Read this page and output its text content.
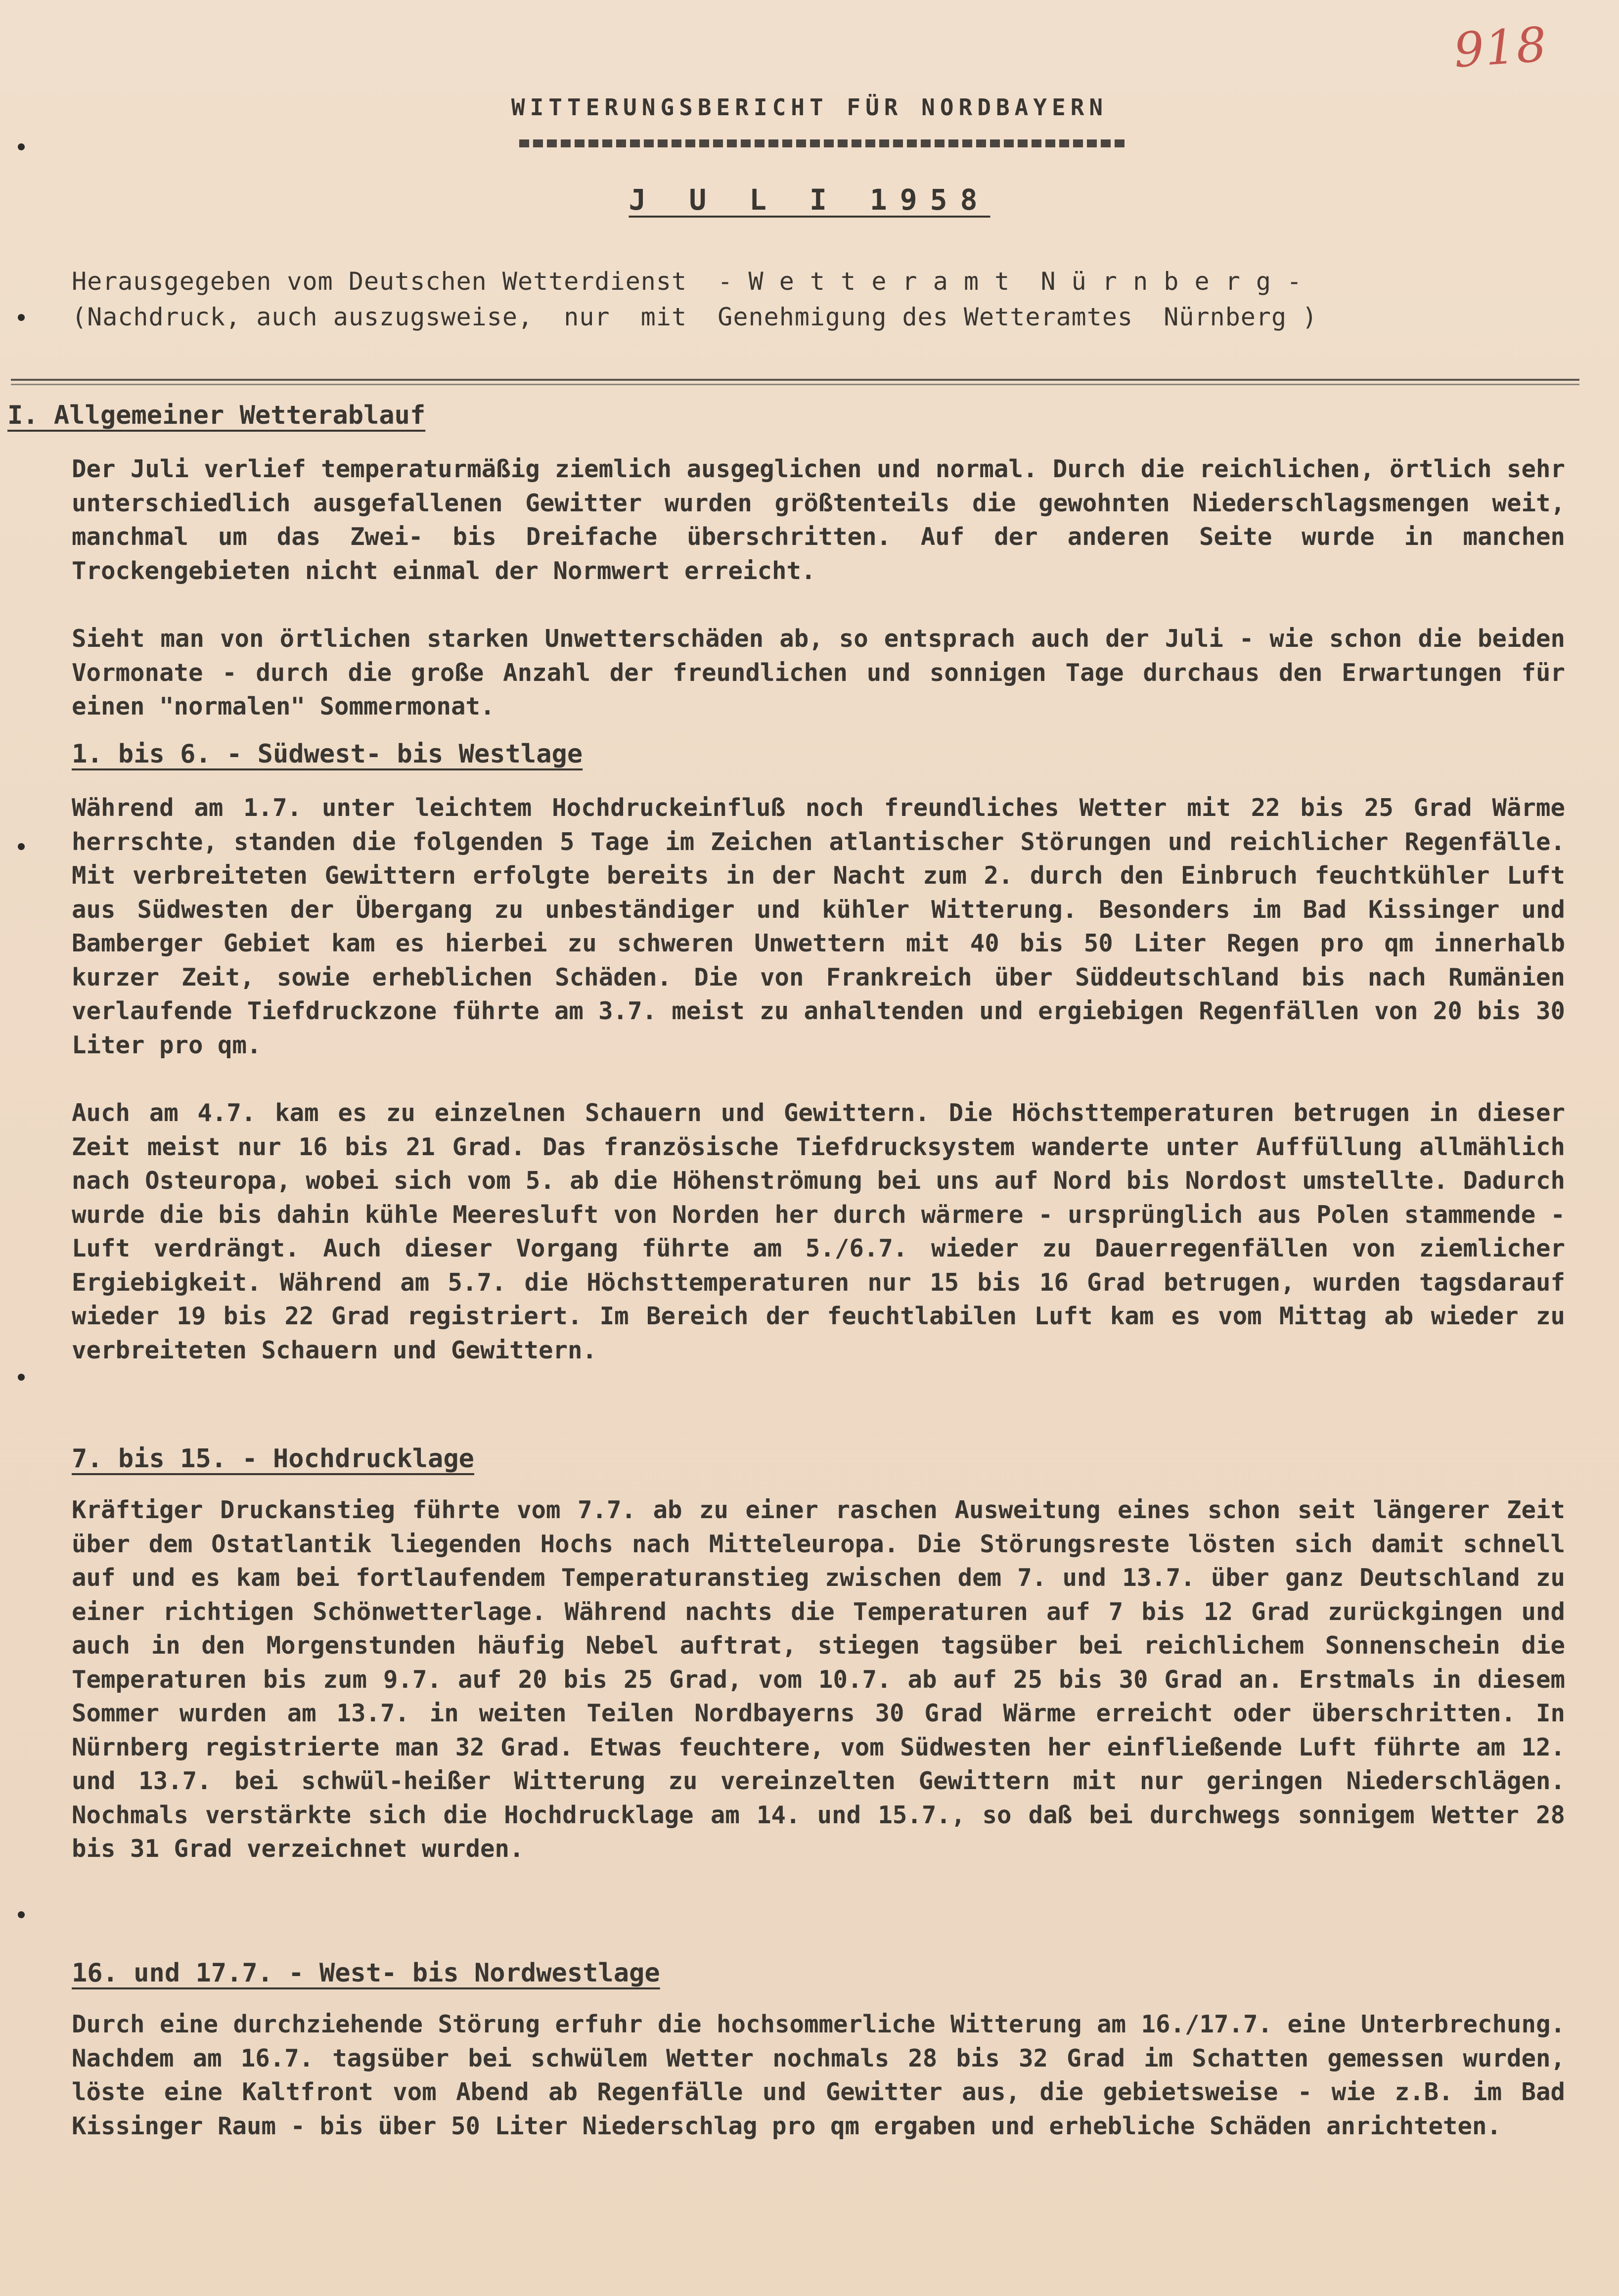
918
WITTERUNGSBERICHT FÜR NORDBAYERN
J U L I 1958
Herausgegeben vom Deutschen Wetterdienst  - W e t t e r a m t  N ü r n b e r g -
(Nachdruck, auch auszugsweise,  nur  mit  Genehmigung des Wetteramtes  Nürnberg )
I. Allgemeiner Wetterablauf

Der Juli verlief temperaturmäßig ziemlich ausgeglichen und normal. Durch die reichlichen, örtlich sehr unterschiedlich ausgefallenen Gewitter wurden größtenteils die gewohnten Niederschlagsmengen weit, manchmal um das Zwei- bis Dreifache überschritten. Auf der anderen Seite wurde in manchen Trockengebieten nicht einmal der Normwert erreicht.

Sieht man von örtlichen starken Unwetterschäden ab, so entsprach auch der Juli - wie schon die beiden Vormonate - durch die große Anzahl der freundlichen und sonnigen Tage durchaus den Erwartungen für einen "normalen" Sommermonat.

1. bis 6. - Südwest- bis Westlage

Während am 1.7. unter leichtem Hochdruckeinfluß noch freundliches Wetter mit 22 bis 25 Grad Wärme herrschte, standen die folgenden 5 Tage im Zeichen atlantischer Störungen und reichlicher Regenfälle. Mit verbreiteten Gewittern erfolgte bereits in der Nacht zum 2. durch den Einbruch feuchtkühler Luft aus Südwesten der Übergang zu unbeständiger und kühler Witterung. Besonders im Bad Kissinger und Bamberger Gebiet kam es hierbei zu schweren Unwettern mit 40 bis 50 Liter Regen pro qm innerhalb kurzer Zeit, sowie erheblichen Schäden. Die von Frankreich über Süddeutschland bis nach Rumänien verlaufende Tiefdruckzone führte am 3.7. meist zu anhaltenden und ergiebigen Regenfällen von 20 bis 30 Liter pro qm.

Auch am 4.7. kam es zu einzelnen Schauern und Gewittern. Die Höchsttemperaturen betrugen in dieser Zeit meist nur 16 bis 21 Grad. Das französische Tiefdrucksystem wanderte unter Auffüllung allmählich nach Osteuropa, wobei sich vom 5. ab die Höhenströmung bei uns auf Nord bis Nordost umstellte. Dadurch wurde die bis dahin kühle Meeresluft von Norden her durch wärmere - ursprünglich aus Polen stammende - Luft verdrängt. Auch dieser Vorgang führte am 5./6.7. wieder zu Dauerregenfällen von ziemlicher Ergiebigkeit. Während am 5.7. die Höchsttemperaturen nur 15 bis 16 Grad betrugen, wurden tagsdarauf wieder 19 bis 22 Grad registriert. Im Bereich der feuchtlabilen Luft kam es vom Mittag ab wieder zu verbreiteten Schauern und Gewittern.

7. bis 15. - Hochdrucklage

Kräftiger Druckanstieg führte vom 7.7. ab zu einer raschen Ausweitung eines schon seit längerer Zeit über dem Ostatlantik liegenden Hochs nach Mitteleuropa. Die Störungsreste lösten sich damit schnell auf und es kam bei fortlaufendem Temperaturanstieg zwischen dem 7. und 13.7. über ganz Deutschland zu einer richtigen Schönwetterlage. Während nachts die Temperaturen auf 7 bis 12 Grad zurückgingen und auch in den Morgenstunden häufig Nebel auftrat, stiegen tagsüber bei reichlichem Sonnenschein die Temperaturen bis zum 9.7. auf 20 bis 25 Grad, vom 10.7. ab auf 25 bis 30 Grad an. Erstmals in diesem Sommer wurden am 13.7. in weiten Teilen Nordbayerns 30 Grad Wärme erreicht oder überschritten. In Nürnberg registrierte man 32 Grad. Etwas feuchtere, vom Südwesten her einfließende Luft führte am 12. und 13.7. bei schwül-heißer Witterung zu vereinzelten Gewittern mit nur geringen Niederschlägen. Nochmals verstärkte sich die Hochdrucklage am 14. und 15.7., so daß bei durchwegs sonnigem Wetter 28 bis 31 Grad verzeichnet wurden.

16. und 17.7. - West- bis Nordwestlage

Durch eine durchziehende Störung erfuhr die hochsommerliche Witterung am 16./17.7. eine Unterbrechung. Nachdem am 16.7. tagsüber bei schwülem Wetter nochmals 28 bis 32 Grad im Schatten gemessen wurden, löste eine Kaltfront vom Abend ab Regenfälle und Gewitter aus, die gebietsweise - wie z.B. im Bad Kissinger Raum - bis über 50 Liter Niederschlag pro qm ergaben und erhebliche Schäden anrichteten.
